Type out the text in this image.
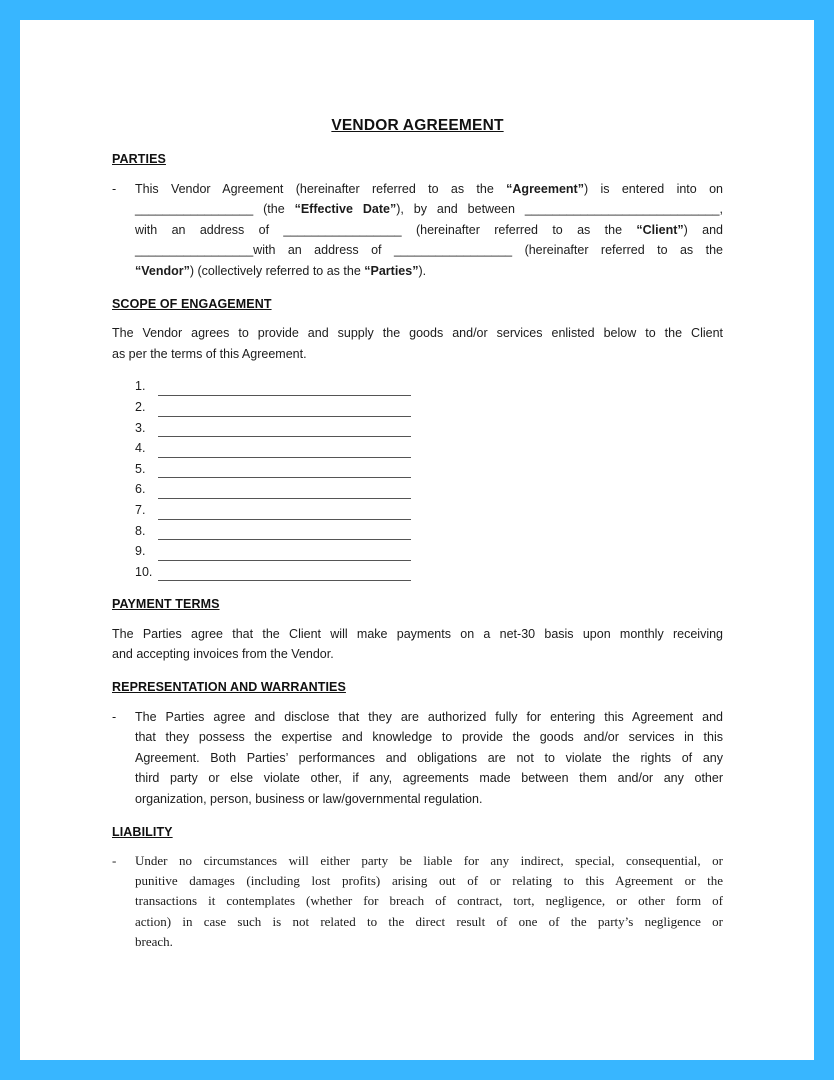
VENDOR AGREEMENT
PARTIES
- This Vendor Agreement (hereinafter referred to as the “Agreement”) is entered into on
_________________ (the “Effective Date”), by and between ____________________________,
with an address of _________________ (hereinafter referred to as the “Client”) and
_________________with an address of _________________ (hereinafter referred to as the
“Vendor”) (collectively referred to as the “Parties”).
SCOPE OF ENGAGEMENT
The Vendor agrees to provide and supply the goods and/or services enlisted below to the Client
as per the terms of this Agreement.
1.
2.
3.
4.
5.
6.
7.
8.
9.
10.
PAYMENT TERMS
The Parties agree that the Client will make payments on a net-30 basis upon monthly receiving
and accepting invoices from the Vendor.
REPRESENTATION AND WARRANTIES
- The Parties agree and disclose that they are authorized fully for entering this Agreement and
that they possess the expertise and knowledge to provide the goods and/or services in this
Agreement. Both Parties’ performances and obligations are not to violate the rights of any
third party or else violate other, if any, agreements made between them and/or any other
organization, person, business or law/governmental regulation.
LIABILITY
- Under no circumstances will either party be liable for any indirect, special, consequential, or
punitive damages (including lost profits) arising out of or relating to this Agreement or the
transactions it contemplates (whether for breach of contract, tort, negligence, or other form of
action) in case such is not related to the direct result of one of the party’s negligence or
breach.
